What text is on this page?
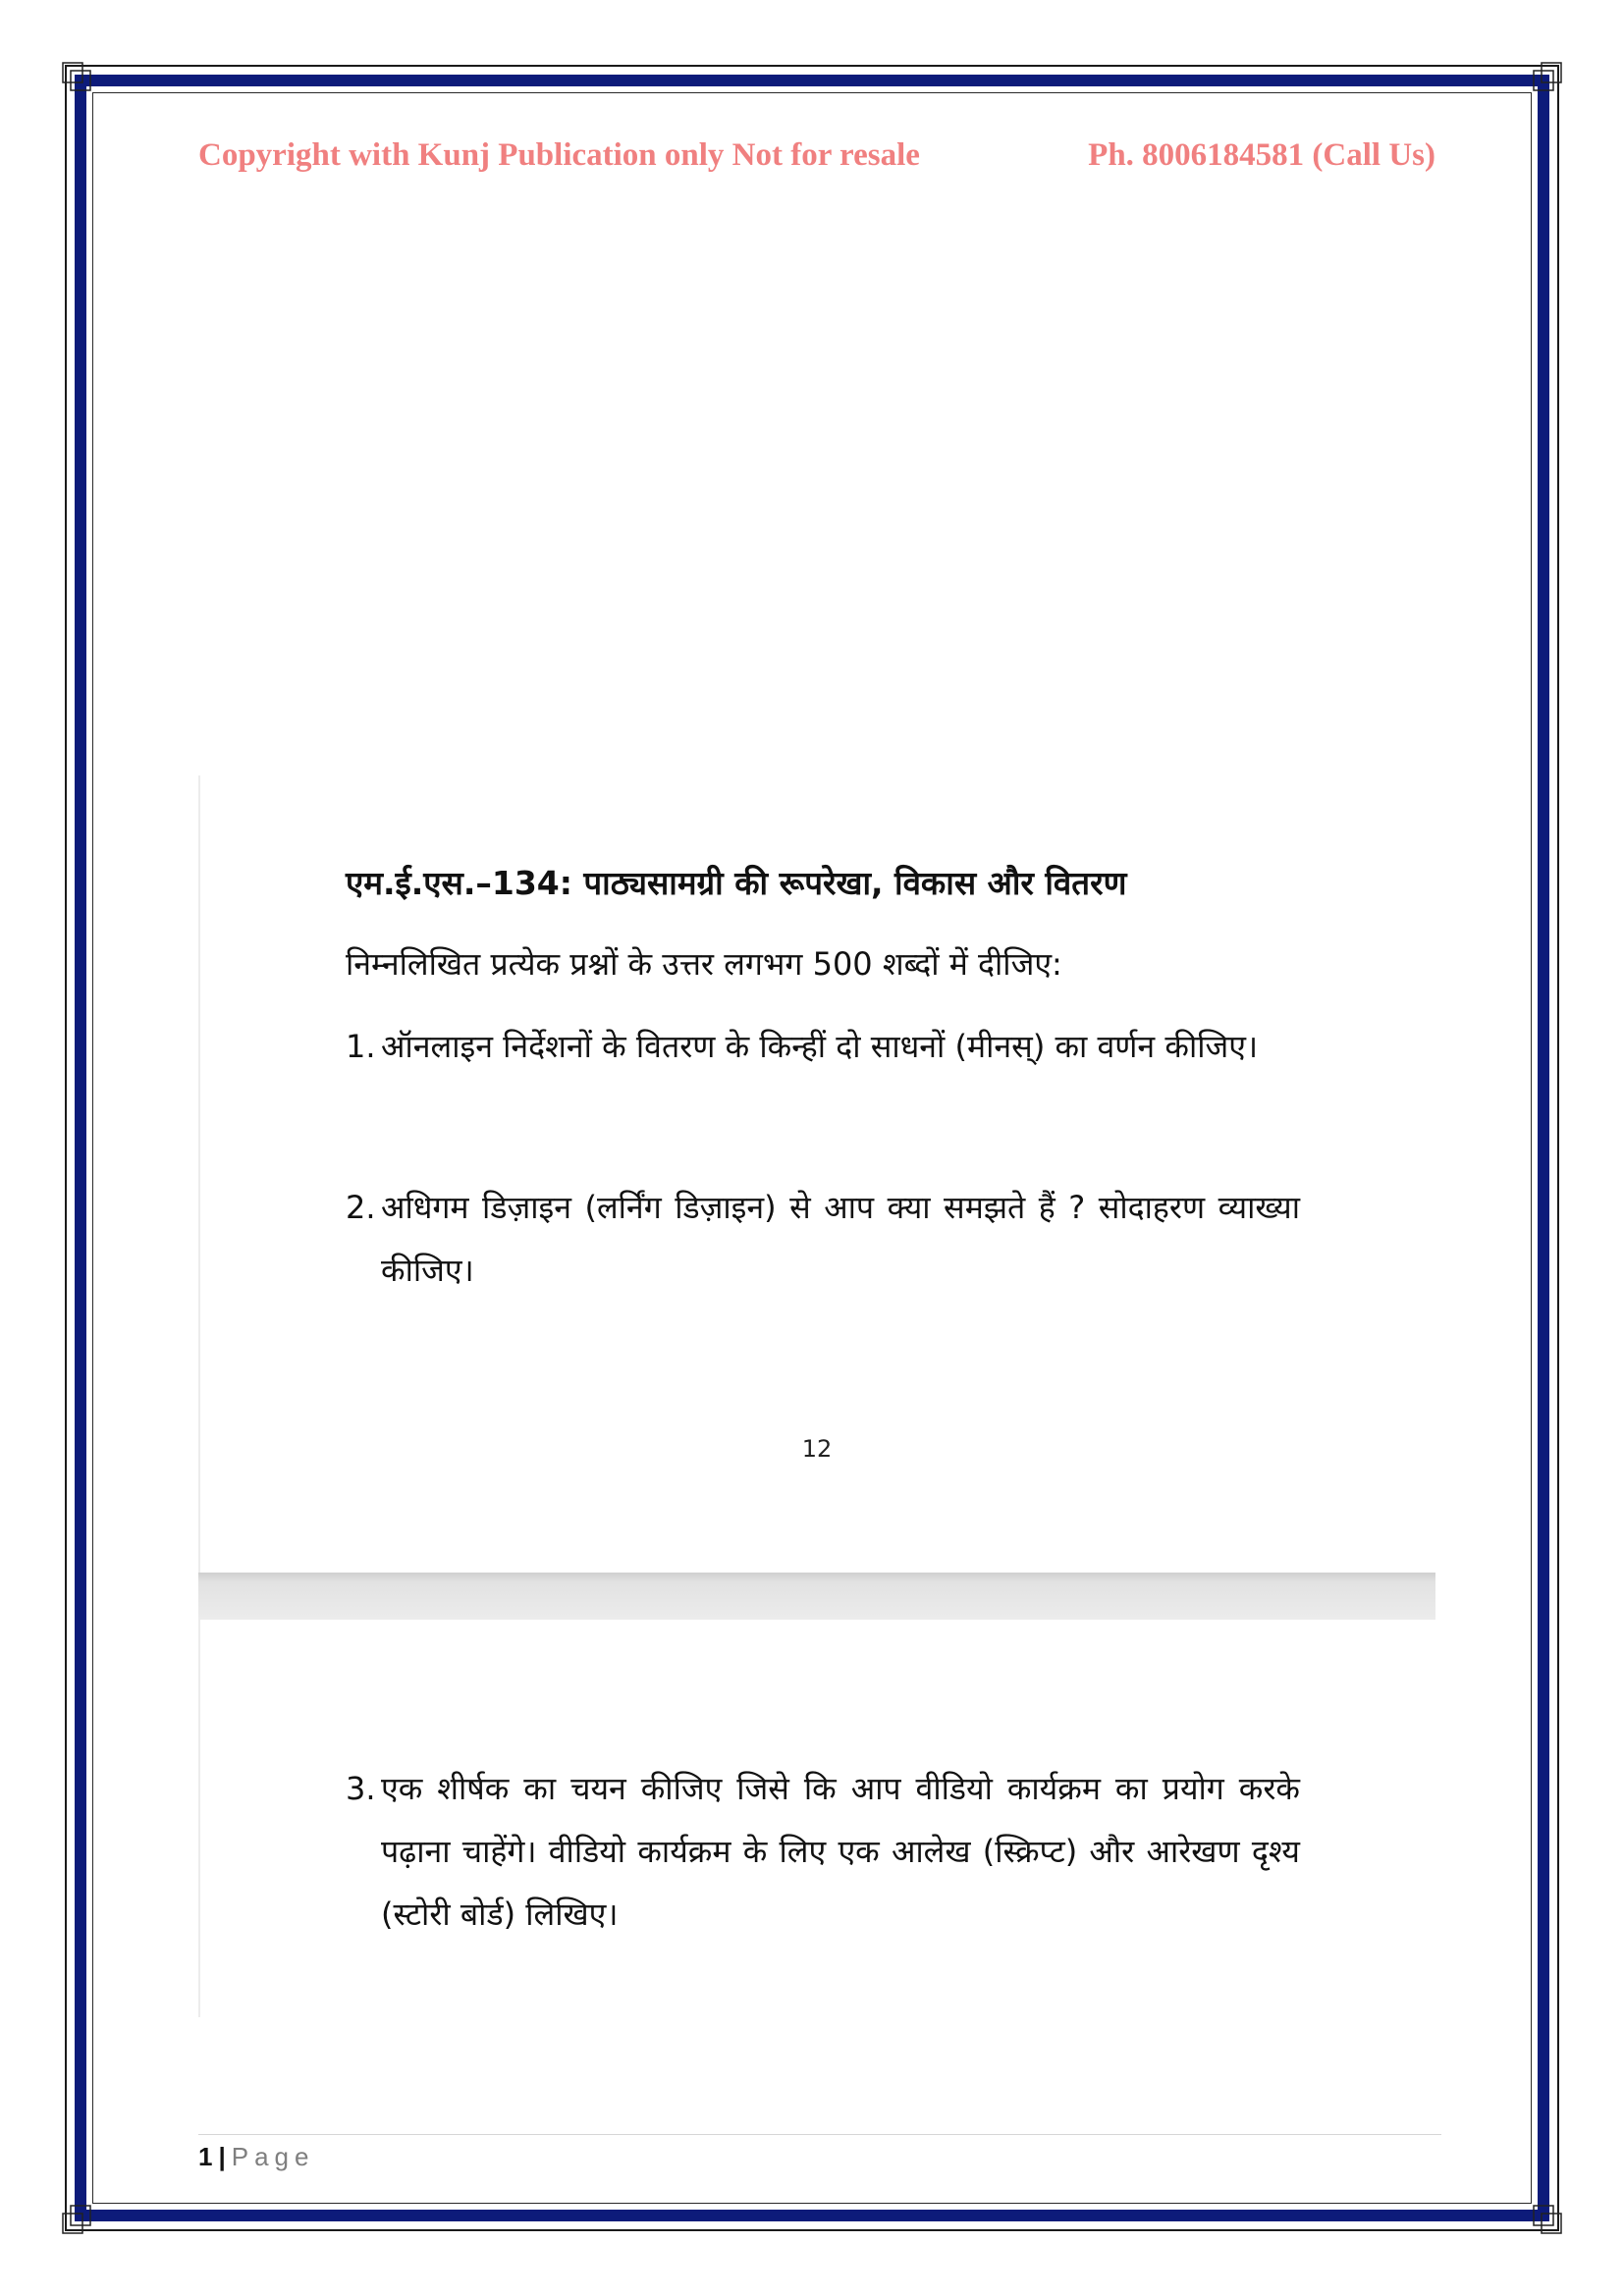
Copyright with Kunj Publication only Not for resale	Ph. 8006184581 (Call Us)
एम.ई.एस.–134: पाठ्यसामग्री की रूपरेखा, विकास और वितरण
निम्नलिखित प्रत्येक प्रश्नों के उत्तर लगभग 500 शब्दों में दीजिए:
1. ऑनलाइन निर्देशनों के वितरण के किन्हीं दो साधनों (मीनस्) का वर्णन कीजिए।
2. अधिगम डिज़ाइन (लर्निंग डिज़ाइन) से आप क्या समझते हैं ? सोदाहरण व्याख्या कीजिए।
12
3. एक शीर्षक का चयन कीजिए जिसे कि आप वीडियो कार्यक्रम का प्रयोग करके पढ़ाना चाहेंगे। वीडियो कार्यक्रम के लिए एक आलेख (स्क्रिप्ट) और आरेखण दृश्य (स्टोरी बोर्ड) लिखिए।
1 | Page
